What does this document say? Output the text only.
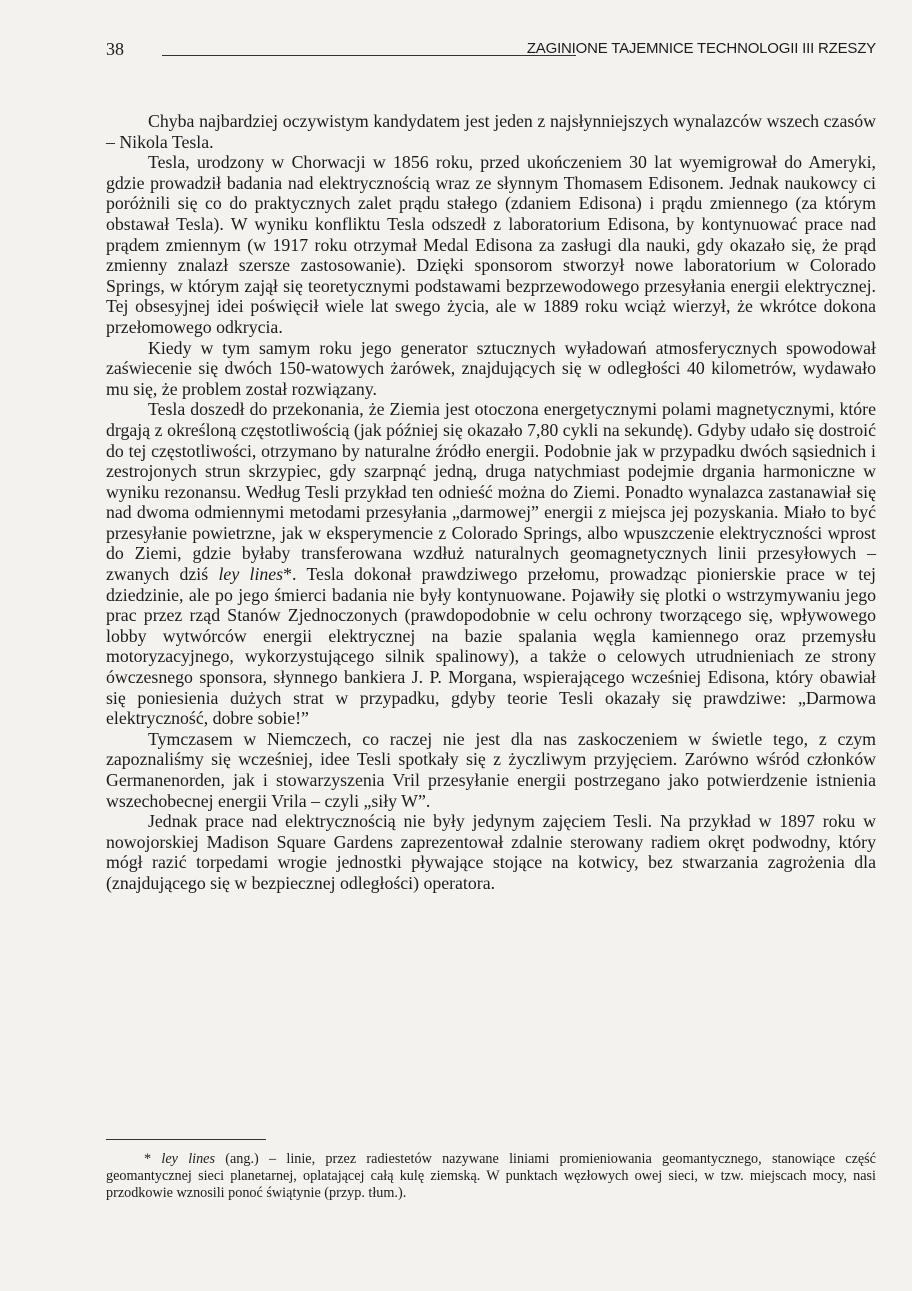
38	ZAGINIONE TAJEMNICE TECHNOLOGII III RZESZY

Chyba najbardziej oczywistym kandydatem jest jeden z najsłynniejszych wynalazców wszech czasów – Nikola Tesla.

Tesla, urodzony w Chorwacji w 1856 roku, przed ukończeniem 30 lat wyemigrował do Ameryki, gdzie prowadził badania nad elektrycznością wraz ze słynnym Thomasem Edisonem. Jednak naukowcy ci poróżnili się co do praktycznych zalet prądu stałego (zdaniem Edisona) i prądu zmiennego (za którym obstawał Tesla). W wyniku konfliktu Tesla odszedł z laboratorium Edisona, by kontynuować prace nad prądem zmiennym (w 1917 roku otrzymał Medal Edisona za zasługi dla nauki, gdy okazało się, że prąd zmienny znalazł szersze zastosowanie). Dzięki sponsorom stworzył nowe laboratorium w Colorado Springs, w którym zajął się teoretycznymi podstawami bezprzewodowego przesyłania energii elektrycznej. Tej obsesyjnej idei poświęcił wiele lat swego życia, ale w 1889 roku wciąż wierzył, że wkrótce dokona przełomowego odkrycia.

Kiedy w tym samym roku jego generator sztucznych wyładowań atmosferycznych spowodował zaświecenie się dwóch 150-watowych żarówek, znajdujących się w odległości 40 kilometrów, wydawało mu się, że problem został rozwiązany.

Tesla doszedł do przekonania, że Ziemia jest otoczona energetycznymi polami magnetycznymi, które drgają z określoną częstotliwością (jak później się okazało 7,80 cykli na sekundę). Gdyby udało się dostroić do tej częstotliwości, otrzymano by naturalne źródło energii. Podobnie jak w przypadku dwóch sąsiednich i zestrojonych strun skrzypiec, gdy szarpnąć jedną, druga natychmiast podejmie drgania harmoniczne w wyniku rezonansu. Według Tesli przykład ten odnieść można do Ziemi. Ponadto wynalazca zastanawiał się nad dwoma odmiennymi metodami przesyłania „darmowej” energii z miejsca jej pozyskania. Miało to być przesyłanie powietrzne, jak w eksperymencie z Colorado Springs, albo wpuszczenie elektryczności wprost do Ziemi, gdzie byłaby transferowana wzdłuż naturalnych geomagnetycznych linii przesyłowych – zwanych dziś ley lines*. Tesla dokonał prawdziwego przełomu, prowadząc pionierskie prace w tej dziedzinie, ale po jego śmierci badania nie były kontynuowane. Pojawiły się plotki o wstrzymywaniu jego prac przez rząd Stanów Zjednoczonych (prawdopodobnie w celu ochrony tworzącego się, wpływowego lobby wytwórców energii elektrycznej na bazie spalania węgla kamiennego oraz przemysłu motoryzacyjnego, wykorzystującego silnik spalinowy), a także o celowych utrudnieniach ze strony ówczesnego sponsora, słynnego bankiera J. P. Morgana, wspierającego wcześniej Edisona, który obawiał się poniesienia dużych strat w przypadku, gdyby teorie Tesli okazały się prawdziwe: „Darmowa elektryczność, dobre sobie!”

Tymczasem w Niemczech, co raczej nie jest dla nas zaskoczeniem w świetle tego, z czym zapoznaliśmy się wcześniej, idee Tesli spotkały się z życzliwym przyjęciem. Zarówno wśród członków Germanenorden, jak i stowarzyszenia Vril przesyłanie energii postrzegano jako potwierdzenie istnienia wszechobecnej energii Vrila – czyli „siły W”.

Jednak prace nad elektrycznością nie były jedynym zajęciem Tesli. Na przykład w 1897 roku w nowojorskiej Madison Square Gardens zaprezentował zdalnie sterowany radiem okręt podwodny, który mógł razić torpedami wrogie jednostki pływające stojące na kotwicy, bez stwarzania zagrożenia dla (znajdującego się w bezpiecznej odległości) operatora.

* ley lines (ang.) – linie, przez radiestetów nazywane liniami promieniowania geomantycznego, stanowiące część geomantycznej sieci planetarnej, oplatającej całą kulę ziemską. W punktach węzłowych owej sieci, w tzw. miejscach mocy, nasi przodkowie wznosili ponoć świątynie (przyp. tłum.).
